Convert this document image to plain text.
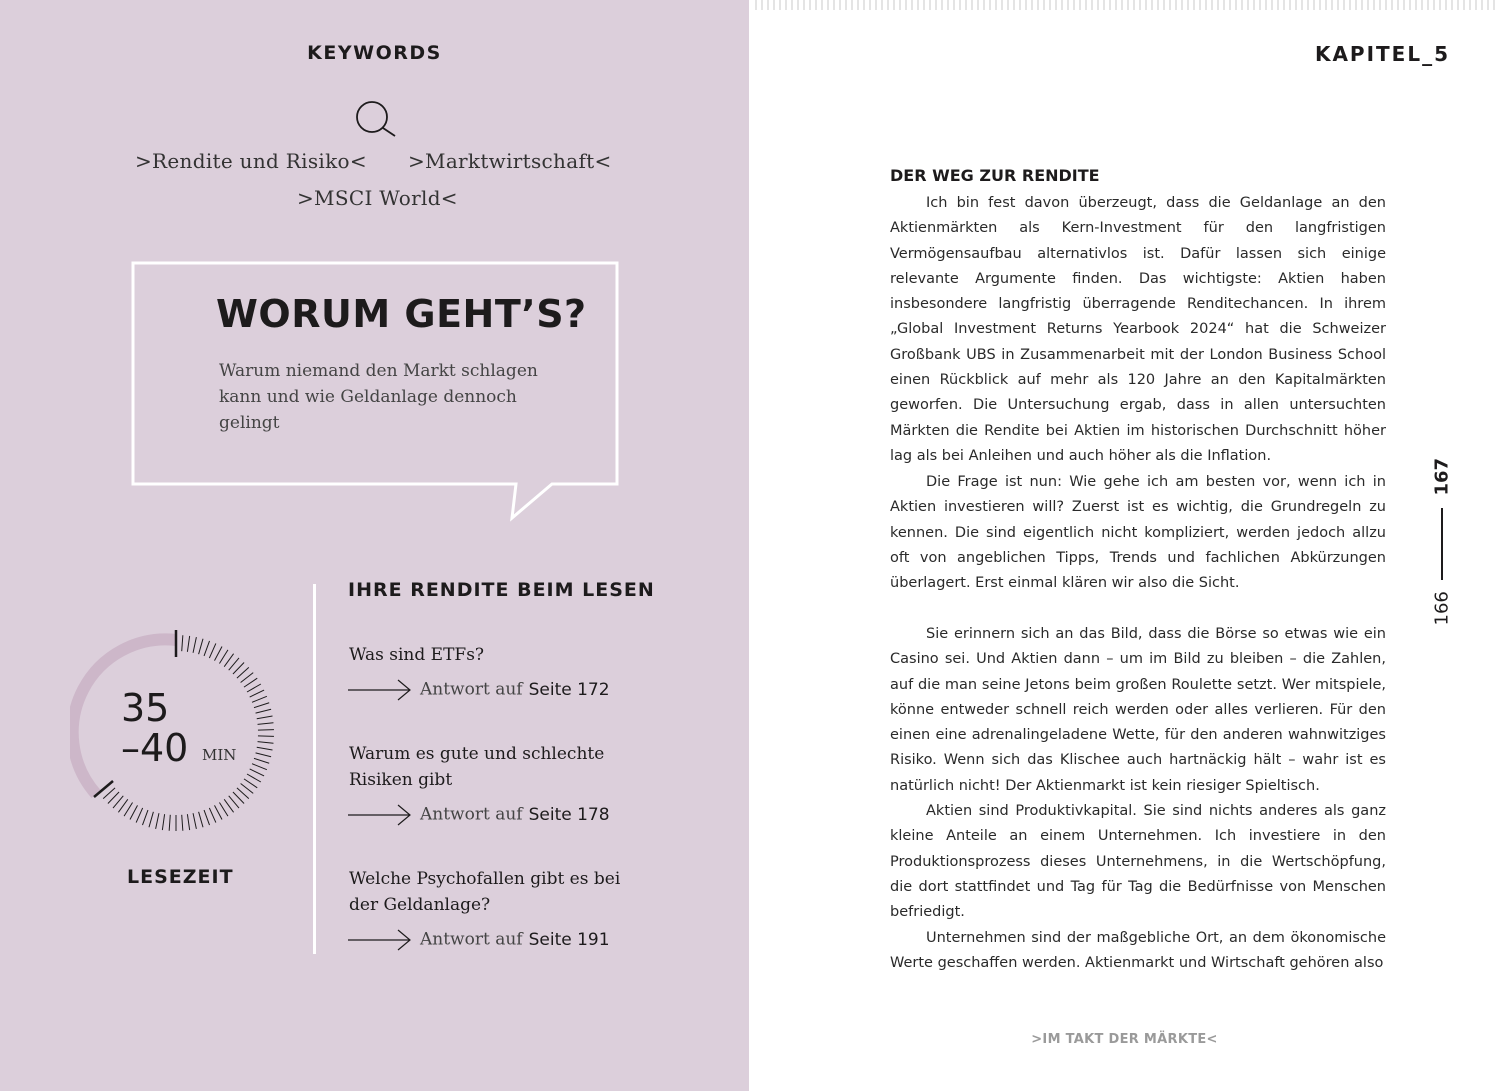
KEYWORDS
>Rendite und Risiko< >Marktwirtschaft<
>MSCI World<
WORUM GEHT’S?
Warum niemand den Markt schlagen kann und wie Geldanlage dennoch gelingt
35
–40 MIN
LESEZEIT
IHRE RENDITE BEIM LESEN
Was sind ETFs?
Antwort auf Seite 172
Warum es gute und schlechte Risiken gibt
Antwort auf Seite 178
Welche Psychofallen gibt es bei der Geldanlage?
Antwort auf Seite 191
KAPITEL_5
DER WEG ZUR RENDITE

Ich bin fest davon überzeugt, dass die Geldanlage an den Aktienmärkten als Kern-Investment für den langfristigen Vermögensaufbau alternativlos ist. Dafür lassen sich einige relevante Argumente finden. Das wichtigste: Aktien haben insbesondere langfristig überragende Renditechancen. In ihrem „Global Investment Returns Yearbook 2024“ hat die Schweizer Großbank UBS in Zusammenarbeit mit der London Business School einen Rückblick auf mehr als 120 Jahre an den Kapitalmärkten geworfen. Die Untersuchung ergab, dass in allen untersuchten Märkten die Rendite bei Aktien im historischen Durchschnitt höher lag als bei Anleihen und auch höher als die Inflation.

Die Frage ist nun: Wie gehe ich am besten vor, wenn ich in Aktien investieren will? Zuerst ist es wichtig, die Grundregeln zu kennen. Die sind eigentlich nicht kompliziert, werden jedoch allzu oft von angeblichen Tipps, Trends und fachlichen Abkürzungen überlagert. Erst einmal klären wir also die Sicht.

Sie erinnern sich an das Bild, dass die Börse so etwas wie ein Casino sei. Und Aktien dann – um im Bild zu bleiben – die Zahlen, auf die man seine Jetons beim großen Roulette setzt. Wer mitspiele, könne entweder schnell reich werden oder alles verlieren. Für den einen eine adrenalingeladene Wette, für den anderen wahnwitziges Risiko. Wenn sich das Klischee auch hartnäckig hält – wahr ist es natürlich nicht! Der Aktienmarkt ist kein riesiger Spieltisch.

Aktien sind Produktivkapital. Sie sind nichts anderes als ganz kleine Anteile an einem Unternehmen. Ich investiere in den Produktionsprozess dieses Unternehmens, in die Wertschöpfung, die dort stattfindet und Tag für Tag die Bedürfnisse von Menschen befriedigt.

Unternehmen sind der maßgebliche Ort, an dem ökonomische Werte geschaffen werden. Aktienmarkt und Wirtschaft gehören also

167
166
>IM TAKT DER MÄRKTE<
